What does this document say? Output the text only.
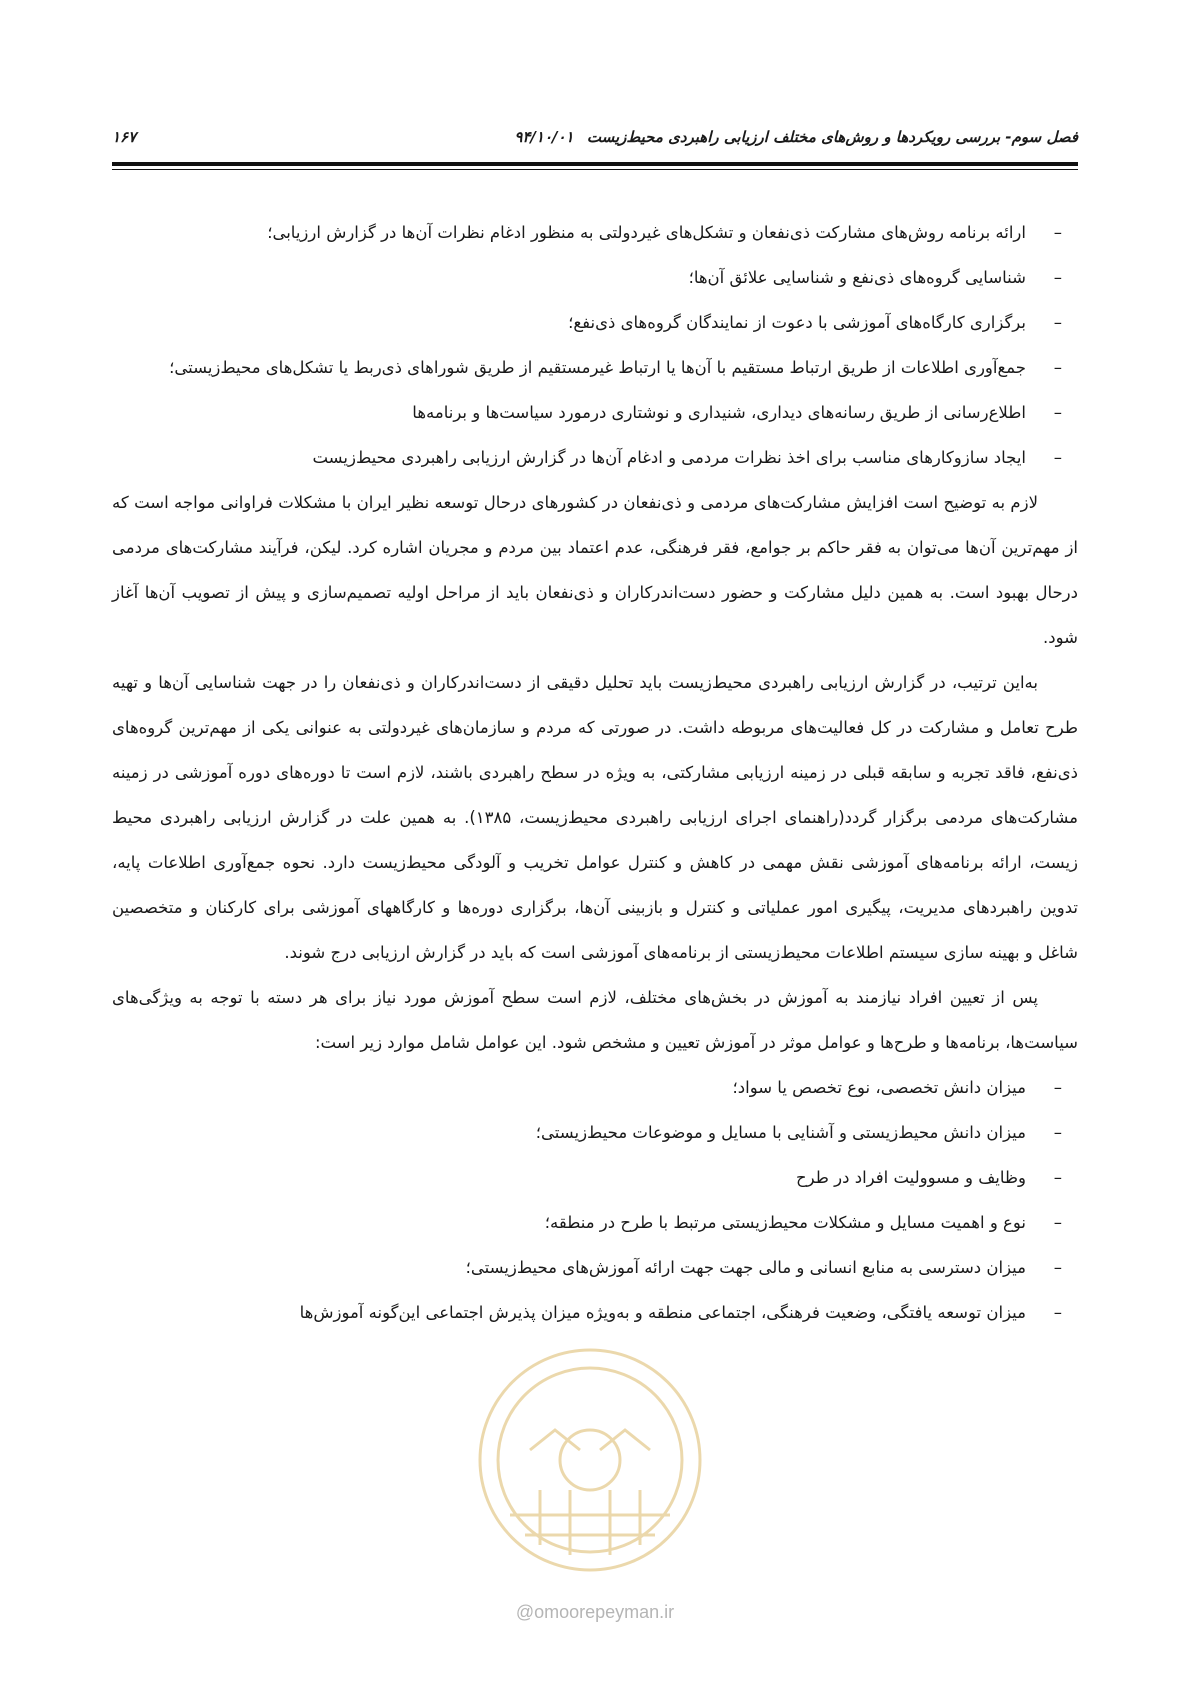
فصل سوم- بررسی رویکردها و روش‌های مختلف ارزیابی راهبردی محیط‌زیست ۹۴/۱۰/۰۱
۱۶۷
–
ارائه برنامه روش‌های مشارکت ذی‌نفعان و تشکل‌های غیردولتی به منظور ادغام نظرات آن‌ها در گزارش ارزیابی؛
–
شناسایی گروه‌های ذی‌نفع و شناسایی علائق آن‌ها؛
–
برگزاری کارگاه‌های آموزشی با دعوت از نمایندگان گروه‌های ذی‌نفع؛
–
جمع‌آوری اطلاعات از طریق ارتباط مستقیم با آن‌ها یا ارتباط غیرمستقیم از طریق شوراهای ذی‌ربط یا تشکل‌های محیط‌زیستی؛
–
اطلاع‌رسانی از طریق رسانه‌های دیداری، شنیداری و نوشتاری درمورد سیاست‌ها و برنامه‌ها
–
ایجاد سازوکارهای مناسب برای اخذ نظرات مردمی و ادغام آن‌ها در گزارش ارزیابی راهبردی محیط‌زیست

لازم به توضیح است افزایش مشارکت‌های مردمی و ذی‌نفعان در کشورهای درحال توسعه نظیر ایران با مشکلات فراوانی مواجه است که از مهم‌ترین آن‌ها می‌توان به فقر حاکم بر جوامع، فقر فرهنگی، عدم اعتماد بین مردم و مجریان اشاره کرد. لیکن، فرآیند مشارکت‌های مردمی درحال بهبود است. به همین دلیل مشارکت و حضور دست‌اندرکاران و ذی‌نفعان باید از مراحل اولیه تصمیم‌سازی و پیش از تصویب آن‌ها آغاز شود.

به‌این ترتیب، در گزارش ارزیابی راهبردی محیط‌زیست باید تحلیل دقیقی از دست‌اندرکاران و ذی‌نفعان را در جهت شناسایی آن‌ها و تهیه طرح تعامل و مشارکت در کل فعالیت‌های مربوطه داشت. در صورتی که مردم و سازمان‌های غیردولتی به عنوانی یکی از مهم‌ترین گروه‌های ذی‌نفع، فاقد تجربه و سابقه قبلی در زمینه ارزیابی مشارکتی، به ویژه در سطح راهبردی باشند، لازم است تا دوره‌های دوره آموزشی در زمینه مشارکت‌های مردمی برگزار گردد(راهنمای اجرای ارزیابی راهبردی محیط‌زیست، ۱۳۸۵). به همین علت در گزارش ارزیابی راهبردی محیط زیست، ارائه برنامه‌های آموزشی نقش مهمی در کاهش و کنترل عوامل تخریب و آلودگی محیط‌زیست دارد. نحوه جمع‌آوری اطلاعات پایه، تدوین راهبردهای مدیریت، پیگیری امور عملیاتی و کنترل و بازبینی آن‌ها، برگزاری دوره‌ها و کارگاههای آموزشی برای کارکنان و متخصصین شاغل و بهینه سازی سیستم اطلاعات محیط‌زیستی از برنامه‌های آموزشی است که باید در گزارش ارزیابی درج شوند.

پس از تعیین افراد نیازمند به آموزش در بخش‌های مختلف، لازم است سطح آموزش مورد نیاز برای هر دسته با توجه به ویژگی‌های سیاست‌ها، برنامه‌ها و طرح‌ها و عوامل موثر در آموزش تعیین و مشخص شود. این عوامل شامل موارد زیر است:

–
میزان دانش تخصصی، نوع تخصص یا سواد؛
–
میزان دانش محیط‌زیستی و آشنایی با مسایل و موضوعات محیط‌زیستی؛
–
وظایف و مسوولیت افراد در طرح
–
نوع و اهمیت مسایل و مشکلات محیط‌زیستی مرتبط با طرح در منطقه؛
–
میزان دسترسی به منابع انسانی و مالی جهت جهت ارائه آموزش‌های محیط‌زیستی؛
–
میزان توسعه یافتگی، وضعیت فرهنگی، اجتماعی منطقه و به‌ویژه میزان پذیرش اجتماعی این‌گونه آموزش‌ها
@omoorepeyman.ir
